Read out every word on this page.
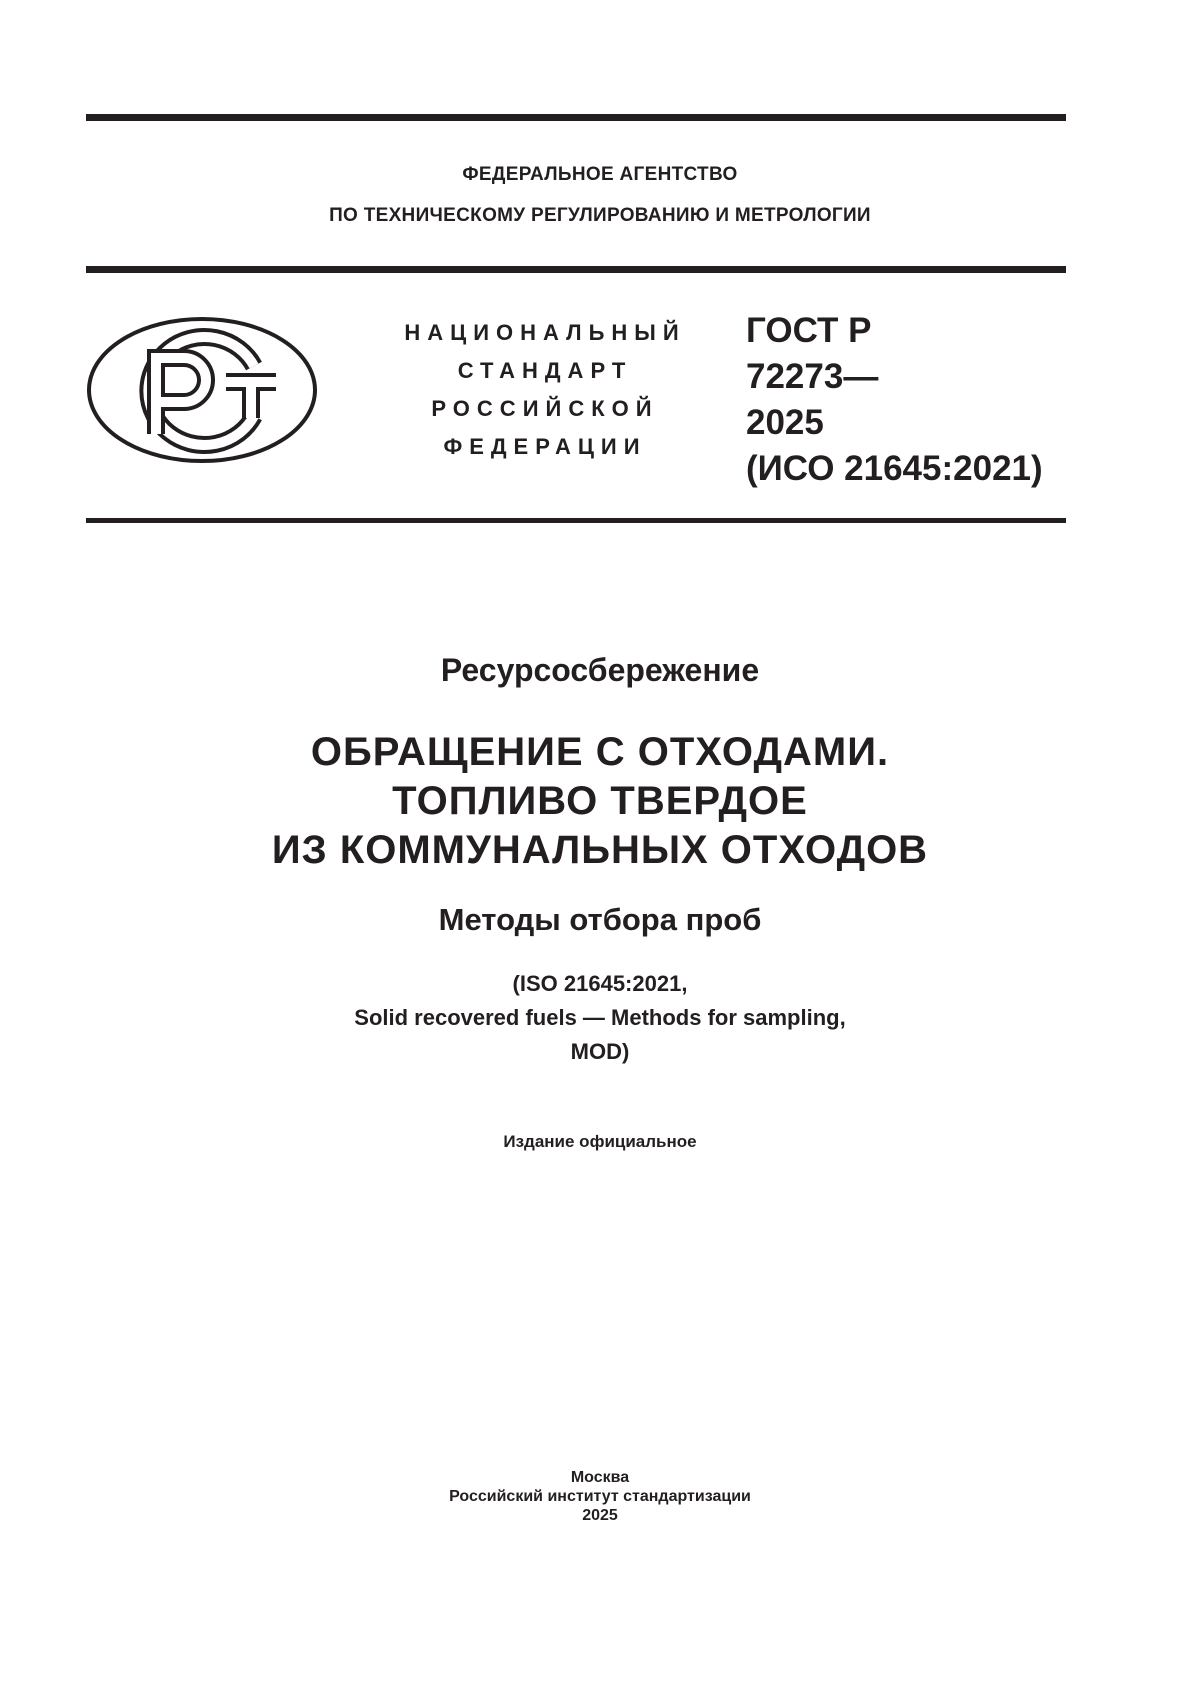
ФЕДЕРАЛЬНОЕ АГЕНТСТВО
ПО ТЕХНИЧЕСКОМУ РЕГУЛИРОВАНИЮ И МЕТРОЛОГИИ
НАЦИОНАЛЬНЫЙ
СТАНДАРТ
РОССИЙСКОЙ
ФЕДЕРАЦИИ
ГОСТ Р
72273—
2025
(ИСО 21645:2021)
Ресурсосбережение
ОБРАЩЕНИЕ С ОТХОДАМИ.
ТОПЛИВО ТВЕРДОЕ
ИЗ КОММУНАЛЬНЫХ ОТХОДОВ
Методы отбора проб
(ISO 21645:2021,
Solid recovered fuels — Methods for sampling,
MOD)
Издание официальное
Москва
Российский институт стандартизации
2025
